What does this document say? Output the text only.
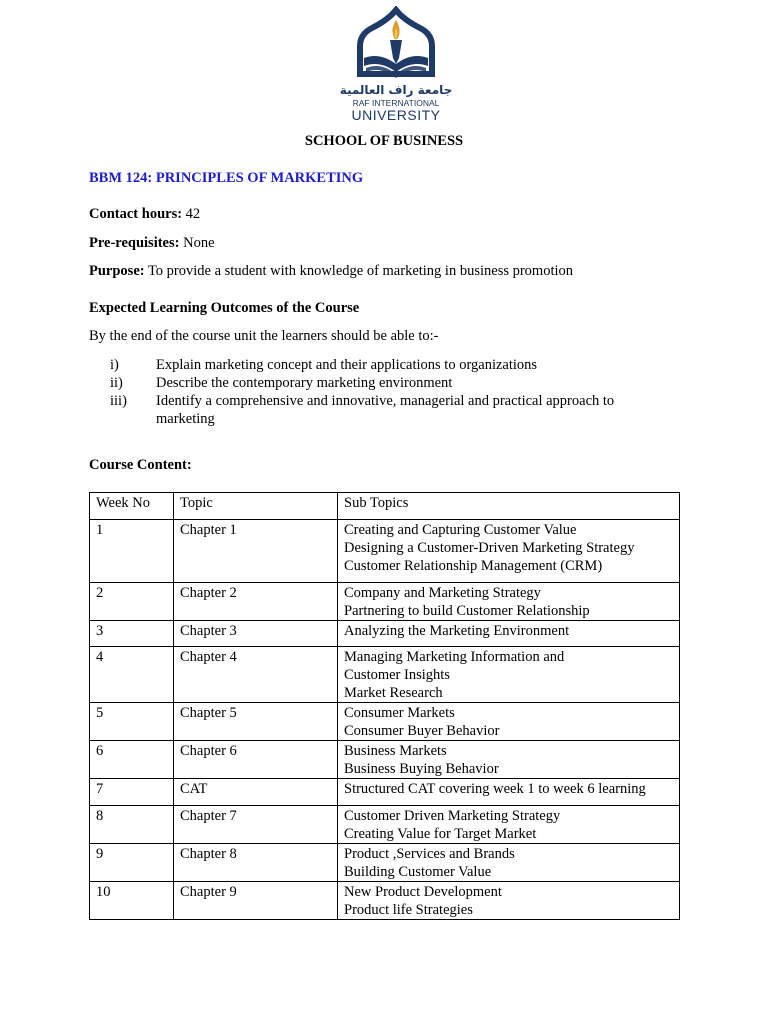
جامعة راف العالمية
RAF INTERNATIONAL
UNIVERSITY
SCHOOL OF BUSINESS
BBM 124: PRINCIPLES OF MARKETING
Contact hours: 42
Pre-requisites: None
Purpose: To provide a student with knowledge of marketing in business promotion
Expected Learning Outcomes of the Course
By the end of the course unit the learners should be able to:-
i)	Explain marketing concept and their applications to organizations
ii)	Describe the contemporary marketing environment
iii)	Identify a comprehensive and innovative, managerial and practical approach to marketing
Course Content:
Week No	Topic	Sub Topics
1	Chapter 1	Creating and Capturing Customer Value
Designing a Customer-Driven Marketing Strategy
Customer Relationship Management (CRM)

2	Chapter 2	Company and Marketing Strategy
Partnering to build Customer Relationship

3	Chapter 3	Analyzing the Marketing Environment

4	Chapter 4	Managing Marketing Information and
Customer Insights
Market Research

5	Chapter 5	Consumer Markets
Consumer Buyer Behavior

6	Chapter 6	Business Markets
Business Buying Behavior

7	CAT	Structured CAT covering week 1 to week 6 learning

8	Chapter 7	Customer Driven Marketing Strategy
Creating Value for Target Market

9	Chapter 8	Product ,Services and Brands
Building Customer Value

10	Chapter 9	New Product Development
Product life Strategies
